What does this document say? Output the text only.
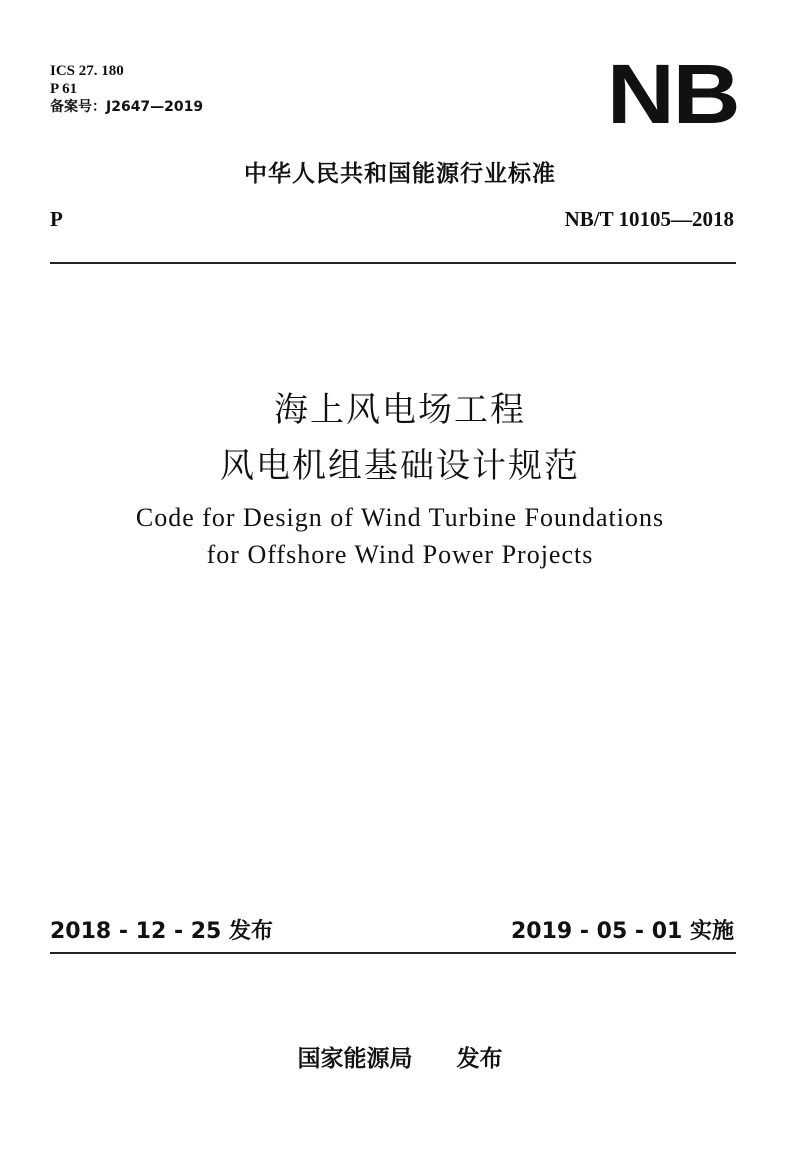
ICS 27. 180
P 61
备案号：J2647—2019	NB
中华人民共和国能源行业标准
P	NB/T 10105—2018
海上风电场工程
风电机组基础设计规范
Code for Design of Wind Turbine Foundations
for Offshore Wind Power Projects
2018 - 12 - 25 发布	2019 - 05 - 01 实施
国家能源局 发布
